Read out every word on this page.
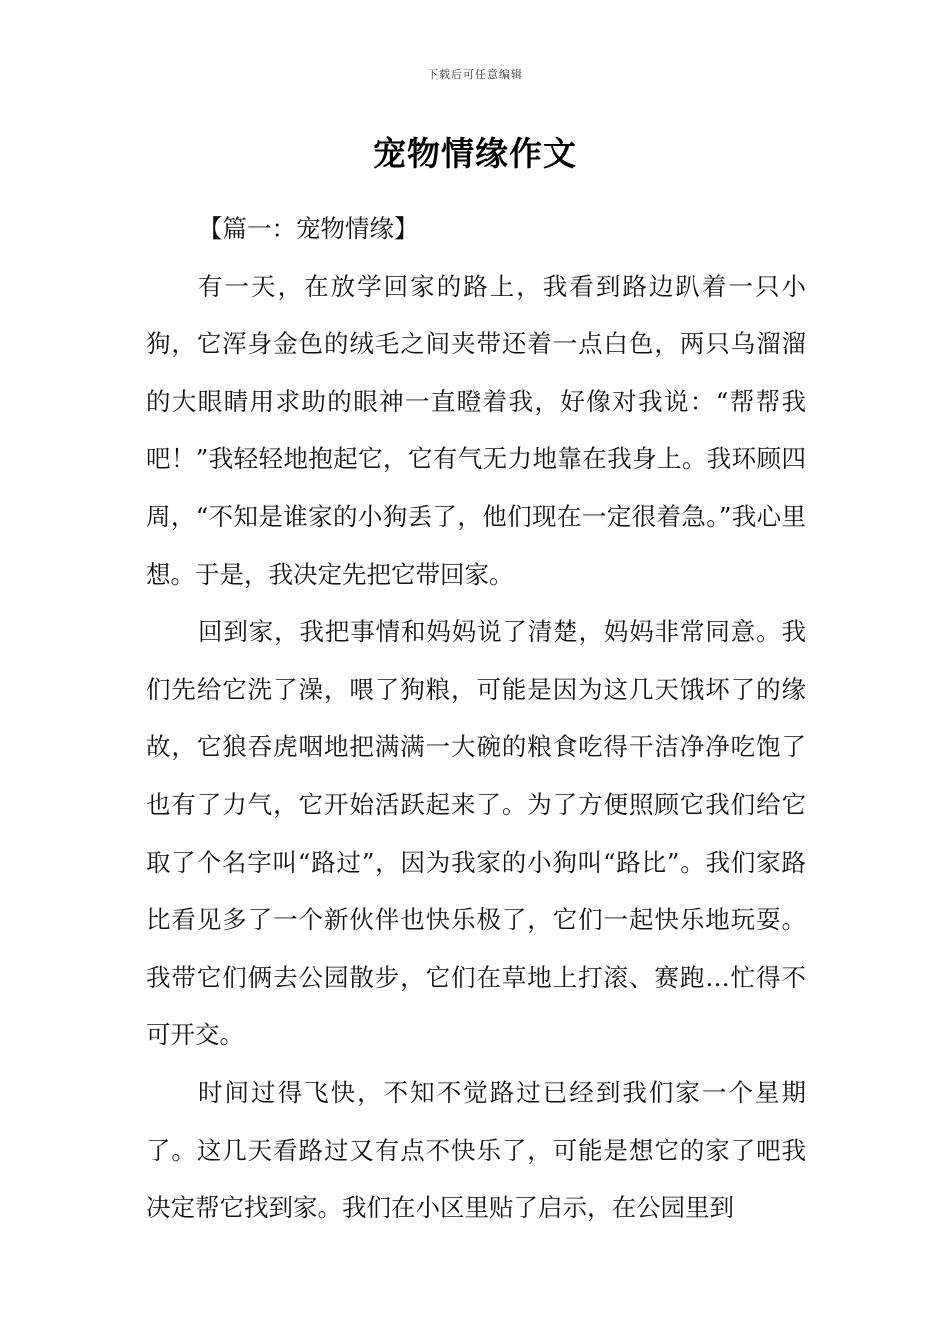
下载后可任意编辑
宠物情缘作文

【篇一：宠物情缘】

有一天，在放学回家的路上，我看到路边趴着一只小狗，它浑身金色的绒毛之间夹带还着一点白色，两只乌溜溜的大眼睛用求助的眼神一直瞪着我，好像对我说：“帮帮我吧！”我轻轻地抱起它，它有气无力地靠在我身上。我环顾四周，“不知是谁家的小狗丢了，他们现在一定很着急。”我心里想。于是，我决定先把它带回家。

回到家，我把事情和妈妈说了清楚，妈妈非常同意。我们先给它洗了澡，喂了狗粮，可能是因为这几天饿坏了的缘故，它狼吞虎咽地把满满一大碗的粮食吃得干洁净净吃饱了也有了力气，它开始活跃起来了。为了方便照顾它我们给它取了个名字叫“路过”，因为我家的小狗叫“路比”。我们家路比看见多了一个新伙伴也快乐极了，它们一起快乐地玩耍。我带它们俩去公园散步，它们在草地上打滚、赛跑…忙得不可开交。

时间过得飞快，不知不觉路过已经到我们家一个星期了。这几天看路过又有点不快乐了，可能是想它的家了吧我决定帮它找到家。我们在小区里贴了启示，在公园里到
